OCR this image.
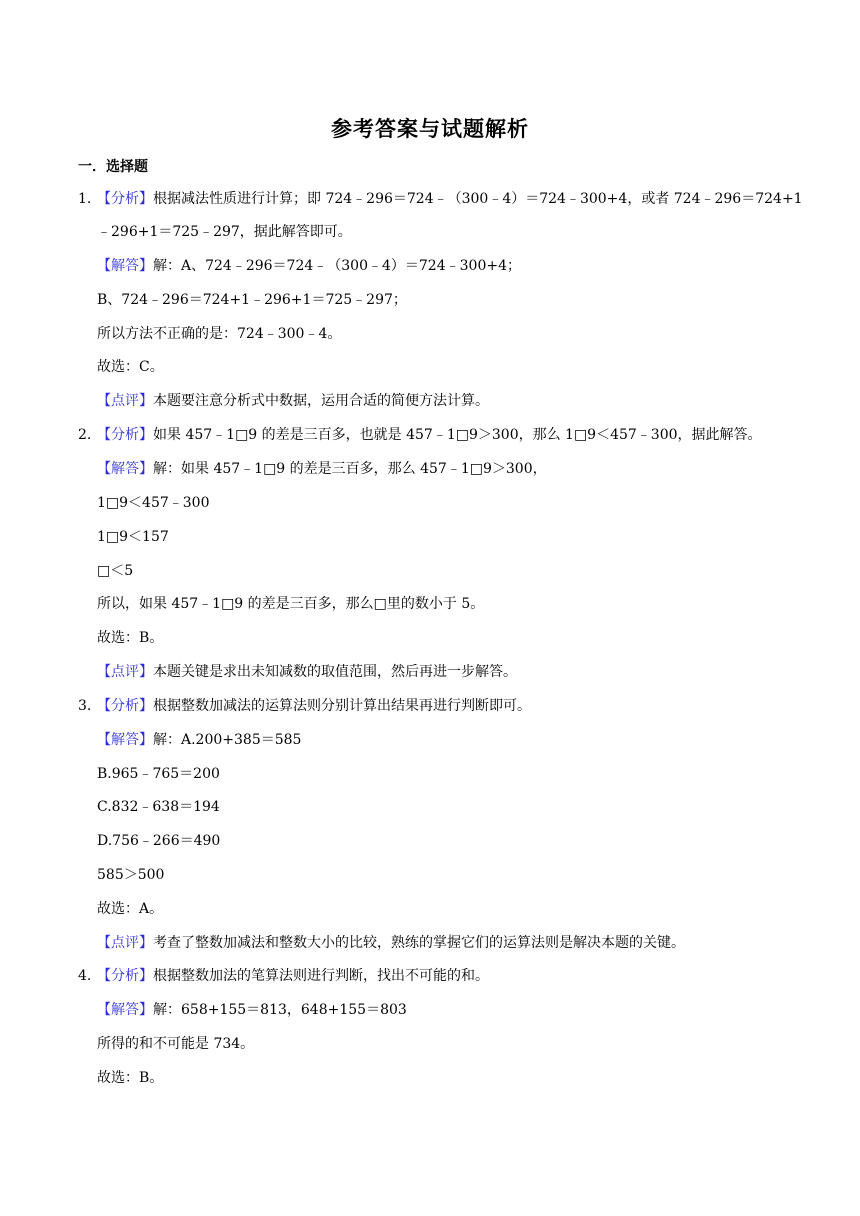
参考答案与试题解析
一．选择题
1. 【分析】根据减法性质进行计算；即 724﹣296＝724﹣（300﹣4）＝724﹣300+4，或者 724﹣296＝724+1
﹣296+1＝725﹣297，据此解答即可。
【解答】解：A、724﹣296＝724﹣（300﹣4）＝724﹣300+4；
B、724﹣296＝724+1﹣296+1＝725﹣297；
所以方法不正确的是：724﹣300﹣4。
故选：C。
【点评】本题要注意分析式中数据，运用合适的简便方法计算。
2. 【分析】如果 457﹣1□9 的差是三百多，也就是 457﹣1□9＞300，那么 1□9＜457﹣300，据此解答。
【解答】解：如果 457﹣1□9 的差是三百多，那么 457﹣1□9＞300，
1□9＜457﹣300
1□9＜157
□＜5
所以，如果 457﹣1□9 的差是三百多，那么□里的数小于 5。
故选：B。
【点评】本题关键是求出未知减数的取值范围，然后再进一步解答。
3. 【分析】根据整数加减法的运算法则分别计算出结果再进行判断即可。
【解答】解：A.200+385＝585
B.965﹣765＝200
C.832﹣638＝194
D.756﹣266＝490
585＞500
故选：A。
【点评】考查了整数加减法和整数大小的比较，熟练的掌握它们的运算法则是解决本题的关键。
4. 【分析】根据整数加法的笔算法则进行判断，找出不可能的和。
【解答】解：658+155＝813，648+155＝803
所得的和不可能是 734。
故选：B。
